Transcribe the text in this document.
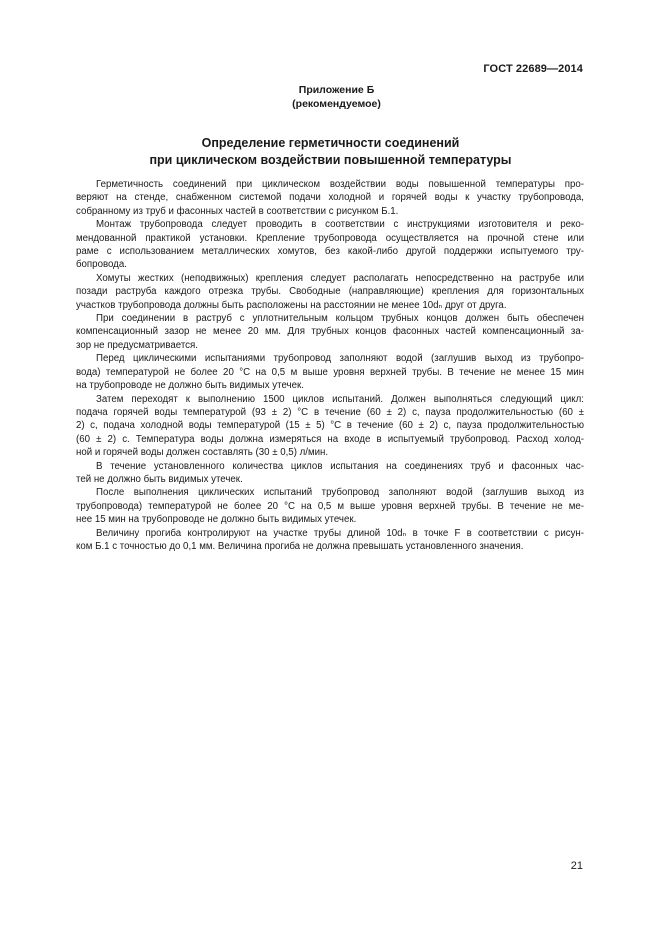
ГОСТ 22689—2014
Приложение Б
(рекомендуемое)
Определение герметичности соединений
при циклическом воздействии повышенной температуры

Герметичность соединений при циклическом воздействии воды повышенной температуры про-
веряют на стенде, снабженном системой подачи холодной и горячей воды к участку трубопровода,
собранному из труб и фасонных частей в соответствии с рисунком Б.1.

Монтаж трубопровода следует проводить в соответствии с инструкциями изготовителя и реко-
мендованной практикой установки. Крепление трубопровода осуществляется на прочной стене или
раме с использованием металлических хомутов, без какой-либо другой поддержки испытуемого тру-
бопровода.

Хомуты жестких (неподвижных) крепления следует располагать непосредственно на раструбе или
позади раструба каждого отрезка трубы. Свободные (направляющие) крепления для горизонтальных
участков трубопровода должны быть расположены на расстоянии не менее 10dₙ друг от друга.

При соединении в раструб с уплотнительным кольцом трубных концов должен быть обеспечен
компенсационный зазор не менее 20 мм. Для трубных концов фасонных частей компенсационный за-
зор не предусматривается.

Перед циклическими испытаниями трубопровод заполняют водой (заглушив выход из трубопро-
вода) температурой не более 20 °С на 0,5 м выше уровня верхней трубы. В течение не менее 15 мин
на трубопроводе не должно быть видимых утечек.

Затем переходят к выполнению 1500 циклов испытаний. Должен выполняться следующий цикл:
подача горячей воды температурой (93 ± 2) °С в течение (60 ± 2) с, пауза продолжительностью (60 ±
2) с, подача холодной воды температурой (15 ± 5) °С в течение (60 ± 2) с, пауза продолжительностью
(60 ± 2) с. Температура воды должна измеряться на входе в испытуемый трубопровод. Расход холод-
ной и горячей воды должен составлять (30 ± 0,5) л/мин.

В течение установленного количества циклов испытания на соединениях труб и фасонных час-
тей не должно быть видимых утечек.

После выполнения циклических испытаний трубопровод заполняют водой (заглушив выход из
трубопровода) температурой не более 20 °С на 0,5 м выше уровня верхней трубы. В течение не ме-
нее 15 мин на трубопроводе не должно быть видимых утечек.

Величину прогиба контролируют на участке трубы длиной 10dₙ в точке F в соответствии с рисун-
ком Б.1 с точностью до 0,1 мм. Величина прогиба не должна превышать установленного значения.

21
